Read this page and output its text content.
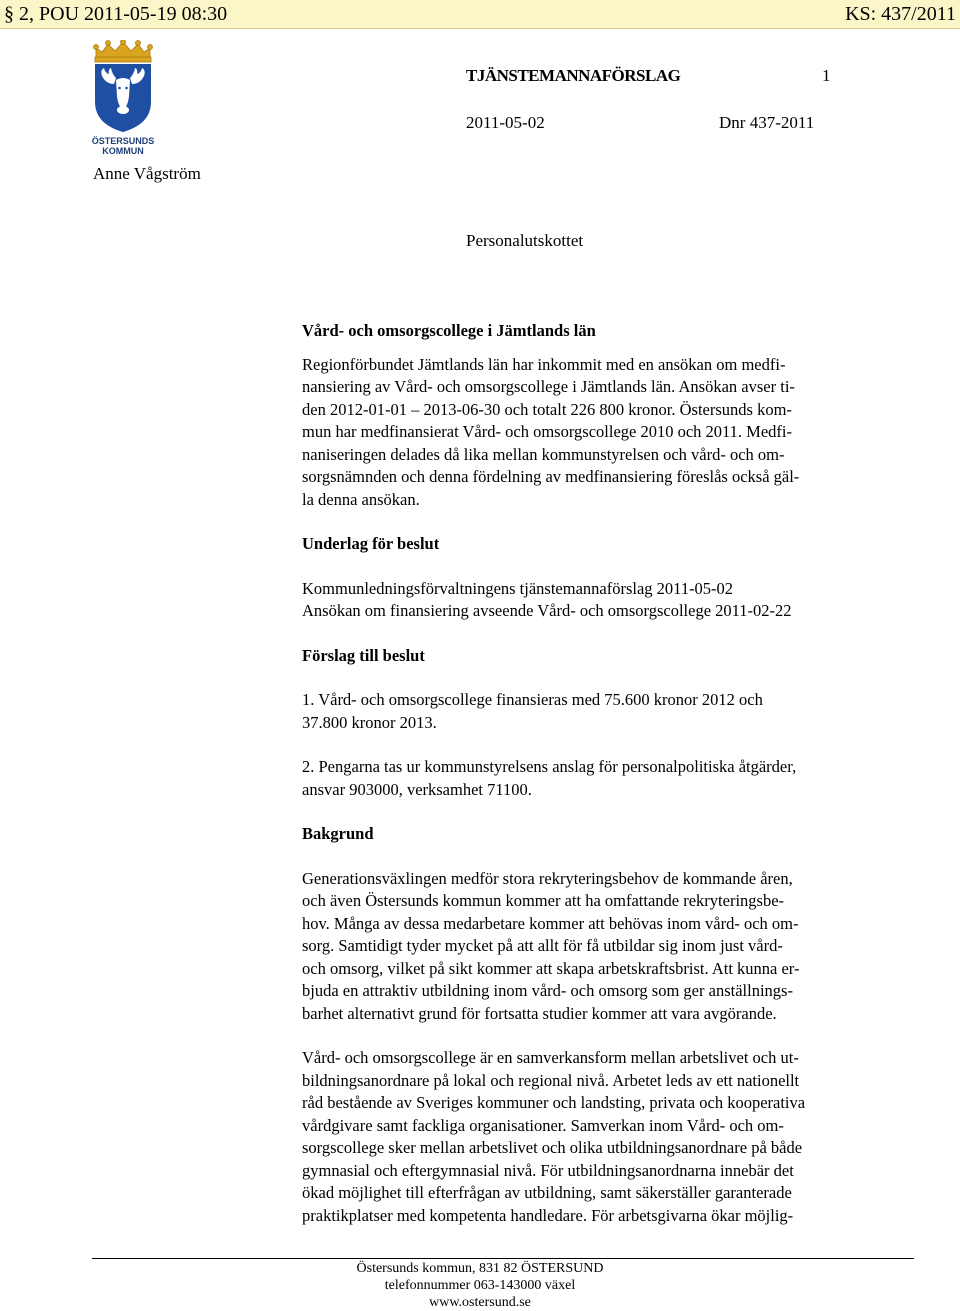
§ 2, POU 2011-05-19 08:30	KS: 437/2011
ÖSTERSUNDS
KOMMUN
TJÄNSTEMANNAFÖRSLAG	1
2011-05-02	Dnr 437-2011
Anne Vågström
Personalutskottet

Vård- och omsorgscollege i Jämtlands län

Regionförbundet Jämtlands län har inkommit med en ansökan om medfi-
nansiering av Vård- och omsorgscollege i Jämtlands län. Ansökan avser ti-
den 2012-01-01 – 2013-06-30 och totalt 226 800 kronor. Östersunds kom-
mun har medfinansierat Vård- och omsorgscollege 2010 och 2011. Medfi-
naniseringen delades då lika mellan kommunstyrelsen och vård- och om-
sorgsnämnden och denna fördelning av medfinansiering föreslås också gäl-
la denna ansökan.

Underlag för beslut

Kommunledningsförvaltningens tjänstemannaförslag 2011-05-02
Ansökan om finansiering avseende Vård- och omsorgscollege 2011-02-22

Förslag till beslut

1. Vård- och omsorgscollege finansieras med 75.600 kronor 2012 och
37.800 kronor 2013.

2. Pengarna tas ur kommunstyrelsens anslag för personalpolitiska åtgärder,
ansvar 903000, verksamhet 71100.

Bakgrund

Generationsväxlingen medför stora rekryteringsbehov de kommande åren,
och även Östersunds kommun kommer att ha omfattande rekryteringsbe-
hov. Många av dessa medarbetare kommer att behövas inom vård- och om-
sorg. Samtidigt tyder mycket på att allt för få utbildar sig inom just vård-
och omsorg, vilket på sikt kommer att skapa arbetskraftsbrist. Att kunna er-
bjuda en attraktiv utbildning inom vård- och omsorg som ger anställnings-
barhet alternativt grund för fortsatta studier kommer att vara avgörande.

Vård- och omsorgscollege är en samverkansform mellan arbetslivet och ut-
bildningsanordnare på lokal och regional nivå. Arbetet leds av ett nationellt
råd bestående av Sveriges kommuner och landsting, privata och kooperativa
vårdgivare samt fackliga organisationer. Samverkan inom Vård- och om-
sorgscollege sker mellan arbetslivet och olika utbildningsanordnare på både
gymnasial och eftergymnasial nivå. För utbildningsanordnarna innebär det
ökad möjlighet till efterfrågan av utbildning, samt säkerställer garanterade
praktikplatser med kompetenta handledare. För arbetsgivarna ökar möjlig-

Östersunds kommun, 831 82 ÖSTERSUND
telefonnummer 063-143000 växel
www.ostersund.se
